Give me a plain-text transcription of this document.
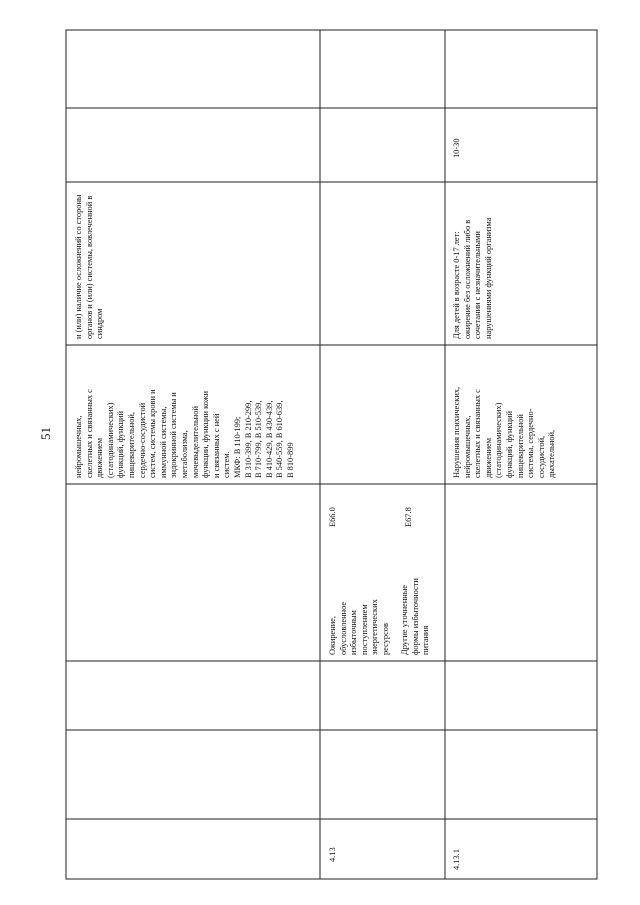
51	нейромышечных,
скелетных и связанных с
движением
(статодинамических)
функций, функций
пищеварительной,
сердечно-сосудистой
систем, системы крови и
иммунной системы,
эндокринной системы и
метаболизма,
мочевыделительной
функции, функции кожи
и связанных с ней
систем.
МКФ: В 110-199;
В 310-399, В 210-299,
В 710-799, В 510-539,
В 410-429, В 430-439,
В 540-559, В 610-639,
В 810-899
и (или) наличие осложнений со стороны
органов и (или) системы, вовлеченной в
синдром
4.13
Ожирение,
обусловленное
избыточным
поступлением
энергетических
ресурсов
E66.0
Другие уточненные
формы избыточности
питания
E67.8
4.13.1
Нарушения психических,
нейромышечных,
скелетных и связанных с
движением
(статодинамических)
функций, функций
пищеварительной
системы, сердечно-
сосудистой,
дыхательной,
Для детей в возрасте 0-17 лет:
ожирение без осложнений либо в
сочетании с незначительными
нарушениями функций организма
10-30
